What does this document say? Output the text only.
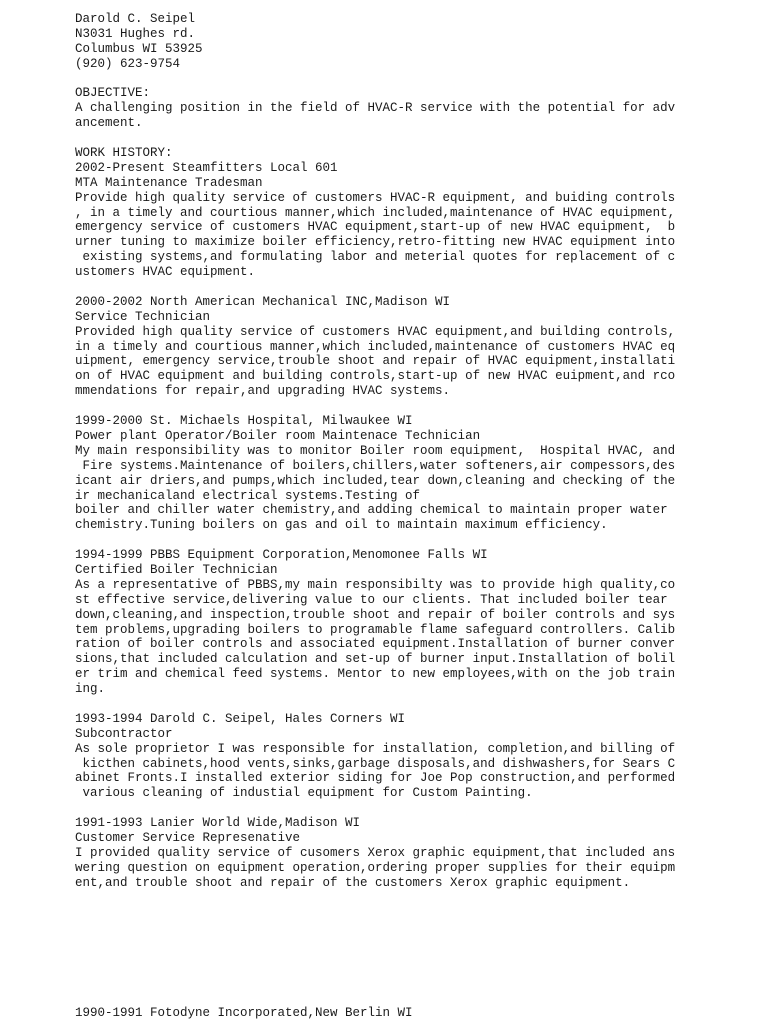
Darold C. Seipel
N3031 Hughes rd.
Columbus WI 53925
(920) 623-9754
OBJECTIVE:
A challenging position in the field of HVAC-R service with the potential for adv
ancement.
WORK HISTORY:
2002-Present Steamfitters Local 601
MTA Maintenance Tradesman
Provide high quality service of customers HVAC-R equipment, and buiding controls
, in a timely and courtious manner,which included,maintenance of HVAC equipment,
emergency service of customers HVAC equipment,start-up of new HVAC equipment,  b
urner tuning to maximize boiler efficiency,retro-fitting new HVAC equipment into
existing systems,and formulating labor and meterial quotes for replacement of c
ustomers HVAC equipment.
2000-2002 North American Mechanical INC,Madison WI
Service Technician
Provided high quality service of customers HVAC equipment,and building controls,
in a timely and courtious manner,which included,maintenance of customers HVAC eq
uipment, emergency service,trouble shoot and repair of HVAC equipment,installati
on of HVAC equipment and building controls,start-up of new HVAC euipment,and rco
mmendations for repair,and upgrading HVAC systems.
1999-2000 St. Michaels Hospital, Milwaukee WI
Power plant Operator/Boiler room Maintenace Technician
My main responsibility was to monitor Boiler room equipment,  Hospital HVAC, and
Fire systems.Maintenance of boilers,chillers,water softeners,air compessors,des
icant air driers,and pumps,which included,tear down,cleaning and checking of the
ir mechanicaland electrical systems.Testing of
boiler and chiller water chemistry,and adding chemical to maintain proper water
chemistry.Tuning boilers on gas and oil to maintain maximum efficiency.
1994-1999 PBBS Equipment Corporation,Menomonee Falls WI
Certified Boiler Technician
As a representative of PBBS,my main responsibilty was to provide high quality,co
st effective service,delivering value to our clients. That included boiler tear
down,cleaning,and inspection,trouble shoot and repair of boiler controls and sys
tem problems,upgrading boilers to programable flame safeguard controllers. Calib
ration of boiler controls and associated equipment.Installation of burner conver
sions,that included calculation and set-up of burner input.Installation of bolil
er trim and chemical feed systems. Mentor to new employees,with on the job train
ing.
1993-1994 Darold C. Seipel, Hales Corners WI
Subcontractor
As sole proprietor I was responsible for installation, completion,and billing of
kicthen cabinets,hood vents,sinks,garbage disposals,and dishwashers,for Sears C
abinet Fronts.I installed exterior siding for Joe Pop construction,and performed
various cleaning of industial equipment for Custom Painting.
1991-1993 Lanier World Wide,Madison WI
Customer Service Represenative
I provided quality service of cusomers Xerox graphic equipment,that included ans
wering question on equipment operation,ordering proper supplies for their equipm
ent,and trouble shoot and repair of the customers Xerox graphic equipment.
1990-1991 Fotodyne Incorporated,New Berlin WI
